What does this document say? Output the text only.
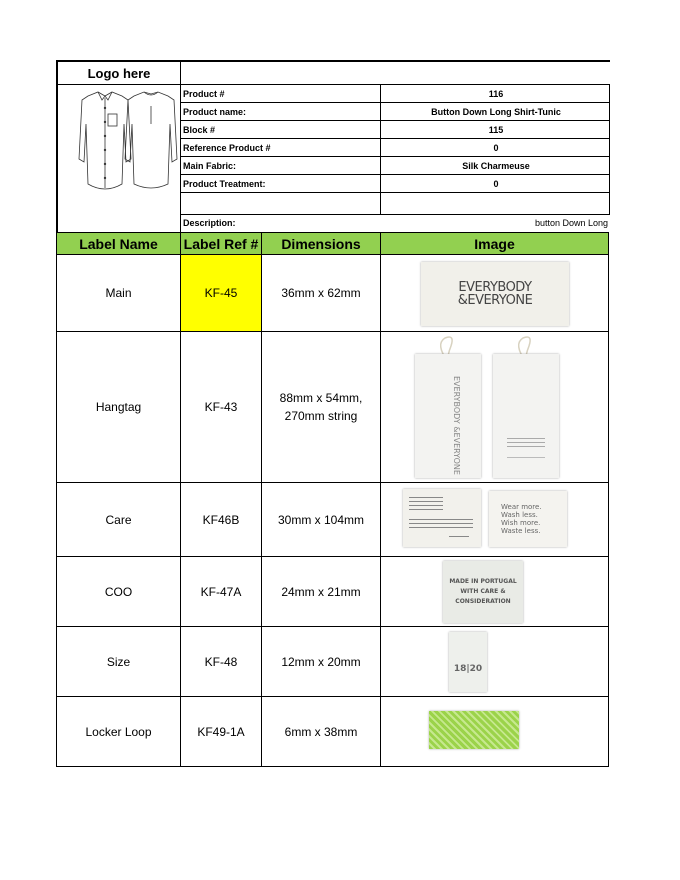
Logo here
Product #	116
Product name:	Button Down Long Shirt-Tunic
Block #	115
Reference Product #	0
Main Fabric:	Silk Charmeuse
Product Treatment:	0
Description:	button Down Long
Label Name	Label Ref #	Dimensions	Image
Main	KF-45	36mm x 62mm	EVERYBODY
&EVERYONE
Hangtag	KF-43
88mm x 54mm,
270mm string	EVERYBODY &EVERYONE
Care	KF46B	30mm x 104mm
Wear more.
Wash less.
Wish more.
Waste less.
COO	KF-47A	24mm x 21mm
MADE IN PORTUGAL
WITH CARE &
CONSIDERATION
Size	KF-48	12mm x 20mm
18|20
Locker Loop	KF49-1A	6mm x 38mm
